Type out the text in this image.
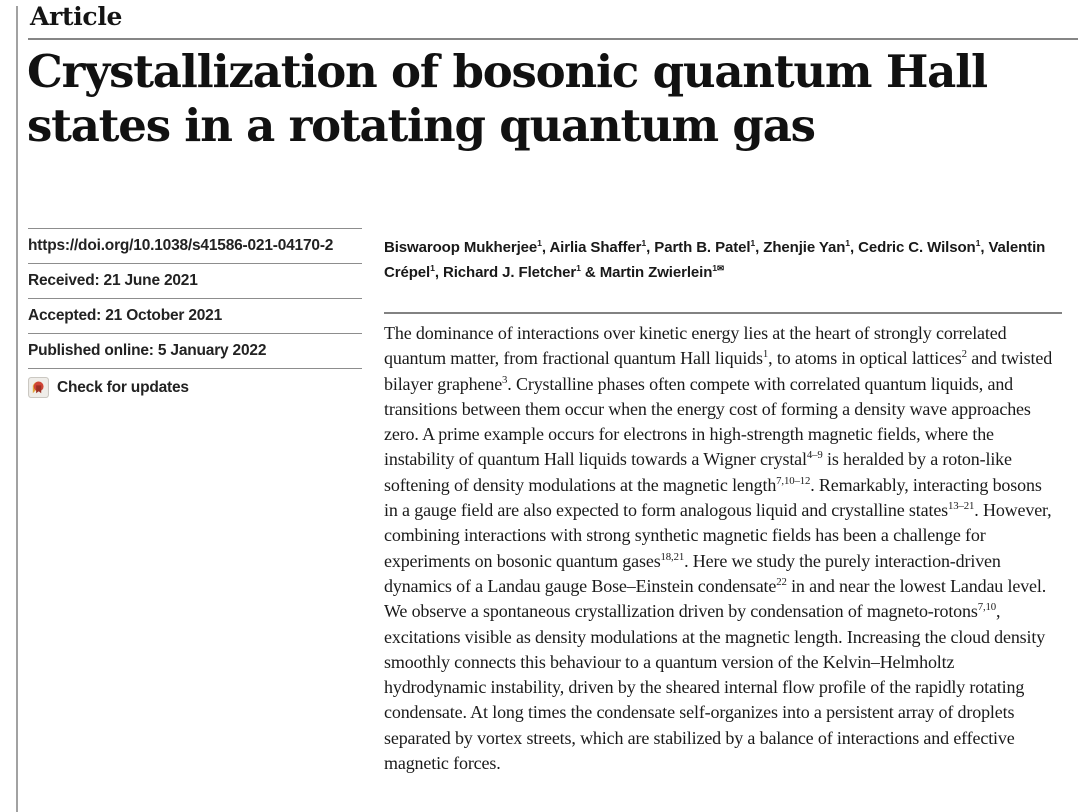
Article
Crystallization of bosonic quantum Hall states in a rotating quantum gas
https://doi.org/10.1038/s41586-021-04170-2
Received: 21 June 2021
Accepted: 21 October 2021
Published online: 5 January 2022
Check for updates

Biswaroop Mukherjee$^1$, Airlia Shaffer$^1$, Parth B. Patel$^1$, Zhenjie Yan$^1$, Cedric C. Wilson$^1$, Valentin Crépel$^1$, Richard J. Fletcher$^1$ & Martin Zwierlein$^{1✉}$

The dominance of interactions over kinetic energy lies at the heart of strongly correlated quantum matter, from fractional quantum Hall liquids$^1$, to atoms in optical lattices$^2$ and twisted bilayer graphene$^3$. Crystalline phases often compete with correlated quantum liquids, and transitions between them occur when the energy cost of forming a density wave approaches zero. A prime example occurs for electrons in high-strength magnetic fields, where the instability of quantum Hall liquids towards a Wigner crystal$^{4-9}$ is heralded by a roton-like softening of density modulations at the magnetic length$^{7,10-12}$. Remarkably, interacting bosons in a gauge field are also expected to form analogous liquid and crystalline states$^{13-21}$. However, combining interactions with strong synthetic magnetic fields has been a challenge for experiments on bosonic quantum gases$^{18,21}$. Here we study the purely interaction-driven dynamics of a Landau gauge Bose–Einstein condensate$^{22}$ in and near the lowest Landau level. We observe a spontaneous crystallization driven by condensation of magneto-rotons$^{7,10}$, excitations visible as density modulations at the magnetic length. Increasing the cloud density smoothly connects this behaviour to a quantum version of the Kelvin–Helmholtz hydrodynamic instability, driven by the sheared internal flow profile of the rapidly rotating condensate. At long times the condensate self-organizes into a persistent array of droplets separated by vortex streets, which are stabilized by a balance of interactions and effective magnetic forces.
